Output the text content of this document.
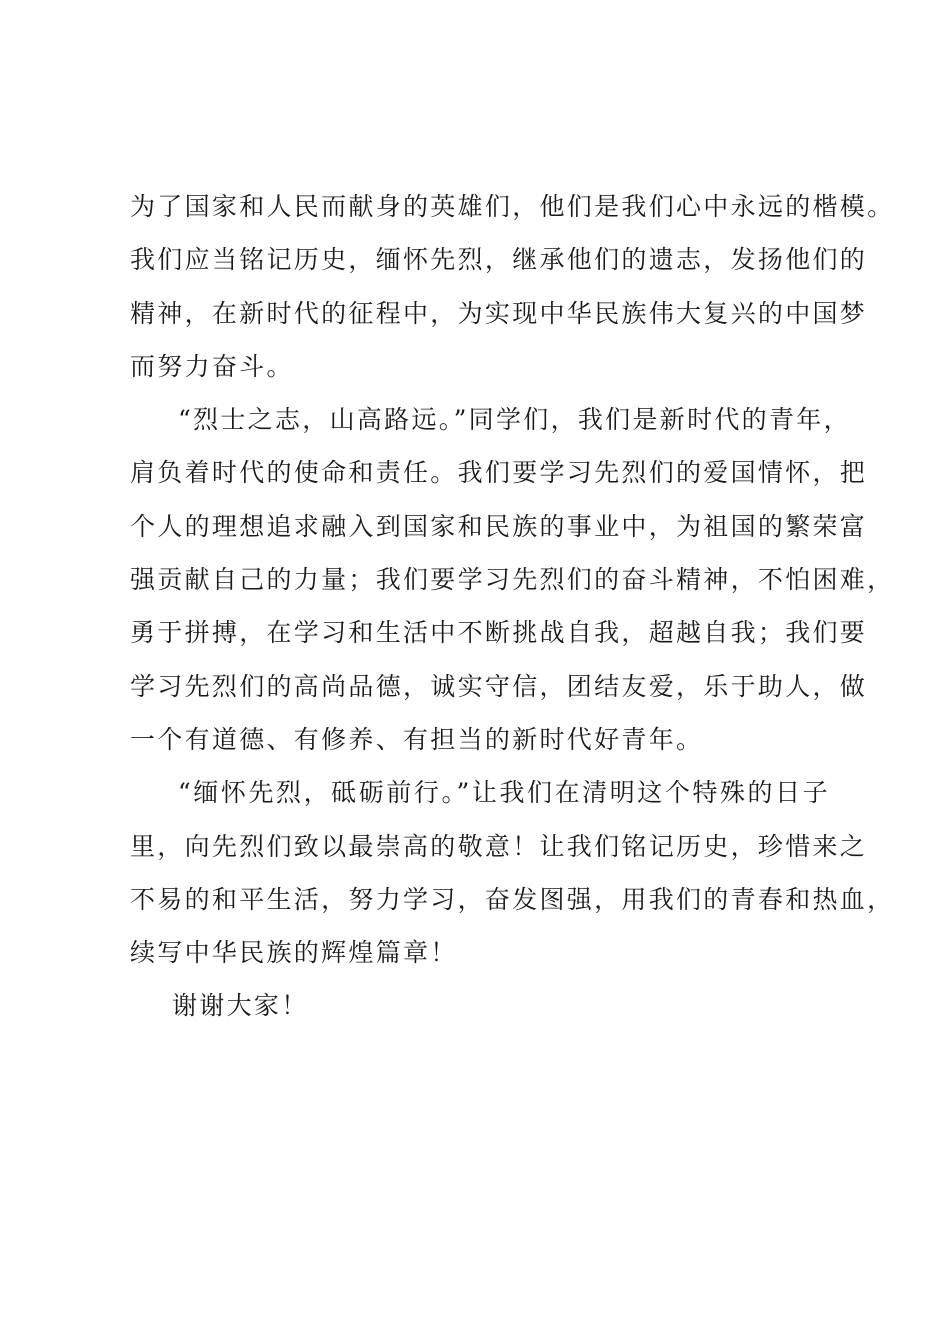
为了国家和人民而献身的英雄们，他们是我们心中永远的楷模。
我们应当铭记历史，缅怀先烈，继承他们的遗志，发扬他们的
精神，在新时代的征程中，为实现中华民族伟大复兴的中国梦
而努力奋斗。
“烈士之志，山高路远。”同学们，我们是新时代的青年，
肩负着时代的使命和责任。我们要学习先烈们的爱国情怀，把
个人的理想追求融入到国家和民族的事业中，为祖国的繁荣富
强贡献自己的力量；我们要学习先烈们的奋斗精神，不怕困难，
勇于拼搏，在学习和生活中不断挑战自我，超越自我；我们要
学习先烈们的高尚品德，诚实守信，团结友爱，乐于助人，做
一个有道德、有修养、有担当的新时代好青年。
“缅怀先烈，砥砺前行。”让我们在清明这个特殊的日子
里，向先烈们致以最崇高的敬意！让我们铭记历史，珍惜来之
不易的和平生活，努力学习，奋发图强，用我们的青春和热血，
续写中华民族的辉煌篇章！
谢谢大家！
